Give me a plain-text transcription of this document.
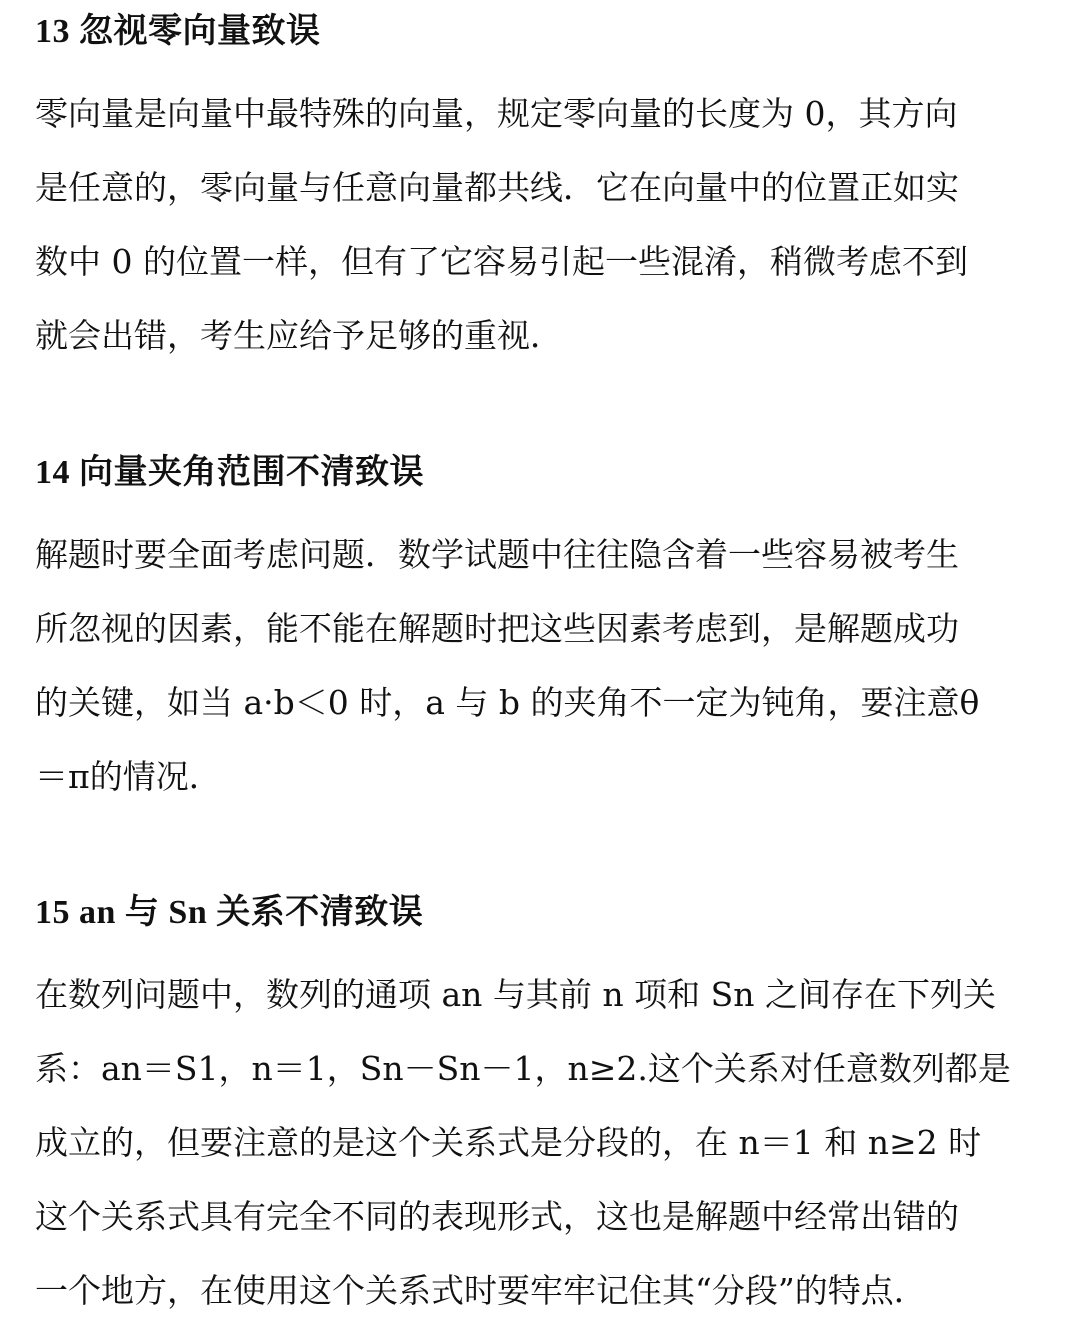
13 忽视零向量致误
零向量是向量中最特殊的向量，规定零向量的长度为 0，其方向
是任意的，零向量与任意向量都共线．它在向量中的位置正如实
数中 0 的位置一样，但有了它容易引起一些混淆，稍微考虑不到
就会出错，考生应给予足够的重视．
14 向量夹角范围不清致误
解题时要全面考虑问题．数学试题中往往隐含着一些容易被考生
所忽视的因素，能不能在解题时把这些因素考虑到，是解题成功
的关键，如当 a·b＜0 时，a 与 b 的夹角不一定为钝角，要注意θ
＝π的情况．
15 an 与 Sn 关系不清致误
在数列问题中，数列的通项 an 与其前 n 项和 Sn 之间存在下列关
系：an＝S1，n＝1，Sn－Sn－1，n≥2.这个关系对任意数列都是
成立的，但要注意的是这个关系式是分段的，在 n＝1 和 n≥2 时
这个关系式具有完全不同的表现形式，这也是解题中经常出错的
一个地方，在使用这个关系式时要牢牢记住其“分段”的特点．
